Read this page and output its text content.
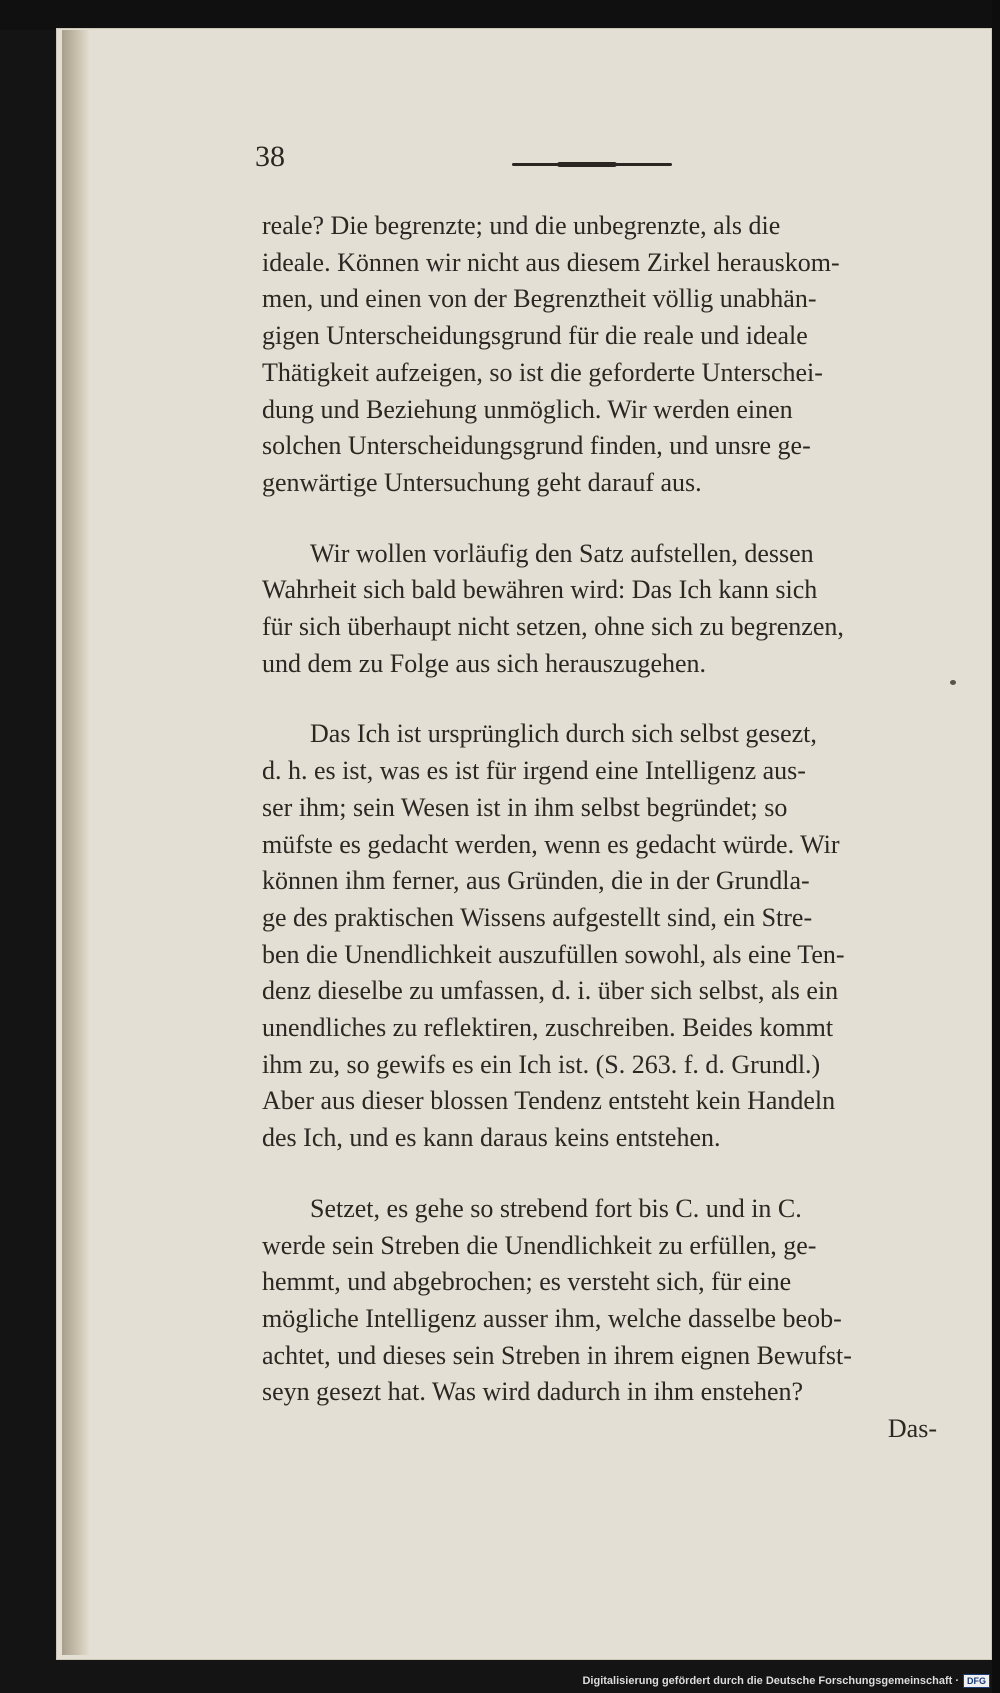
38
reale? Die begrenzte; und die unbegrenzte, als die
ideale. Können wir nicht aus diesem Zirkel herauskom-
men, und einen von der Begrenztheit völlig unabhän-
gigen Unterscheidungsgrund für die reale und ideale
Thätigkeit aufzeigen, so ist die geforderte Unterschei-
dung und Beziehung unmöglich. Wir werden einen
solchen Unterscheidungsgrund finden, und unsre ge-
genwärtige Untersuchung geht darauf aus.
Wir wollen vorläufig den Satz aufstellen, dessen
Wahrheit sich bald bewähren wird: Das Ich kann sich
für sich überhaupt nicht setzen, ohne sich zu begrenzen,
und dem zu Folge aus sich herauszugehen.
Das Ich ist ursprünglich durch sich selbst gesezt,
d. h. es ist, was es ist für irgend eine Intelligenz aus-
ser ihm; sein Wesen ist in ihm selbst begründet; so
müfste es gedacht werden, wenn es gedacht würde. Wir
können ihm ferner, aus Gründen, die in der Grundla-
ge des praktischen Wissens aufgestellt sind, ein Stre-
ben die Unendlichkeit auszufüllen sowohl, als eine Ten-
denz dieselbe zu umfassen, d. i. über sich selbst, als ein
unendliches zu reflektiren, zuschreiben. Beides kommt
ihm zu, so gewifs es ein Ich ist. (S. 263. f. d. Grundl.)
Aber aus dieser blossen Tendenz entsteht kein Handeln
des Ich, und es kann daraus keins entstehen.
Setzet, es gehe so strebend fort bis C. und in C.
werde sein Streben die Unendlichkeit zu erfüllen, ge-
hemmt, und abgebrochen; es versteht sich, für eine
mögliche Intelligenz ausser ihm, welche dasselbe beob-
achtet, und dieses sein Streben in ihrem eignen Bewufst-
seyn gesezt hat. Was wird dadurch in ihm enstehen?
Das-
Digitalisierung gefördert durch die Deutsche Forschungsgemeinschaft · DFG
